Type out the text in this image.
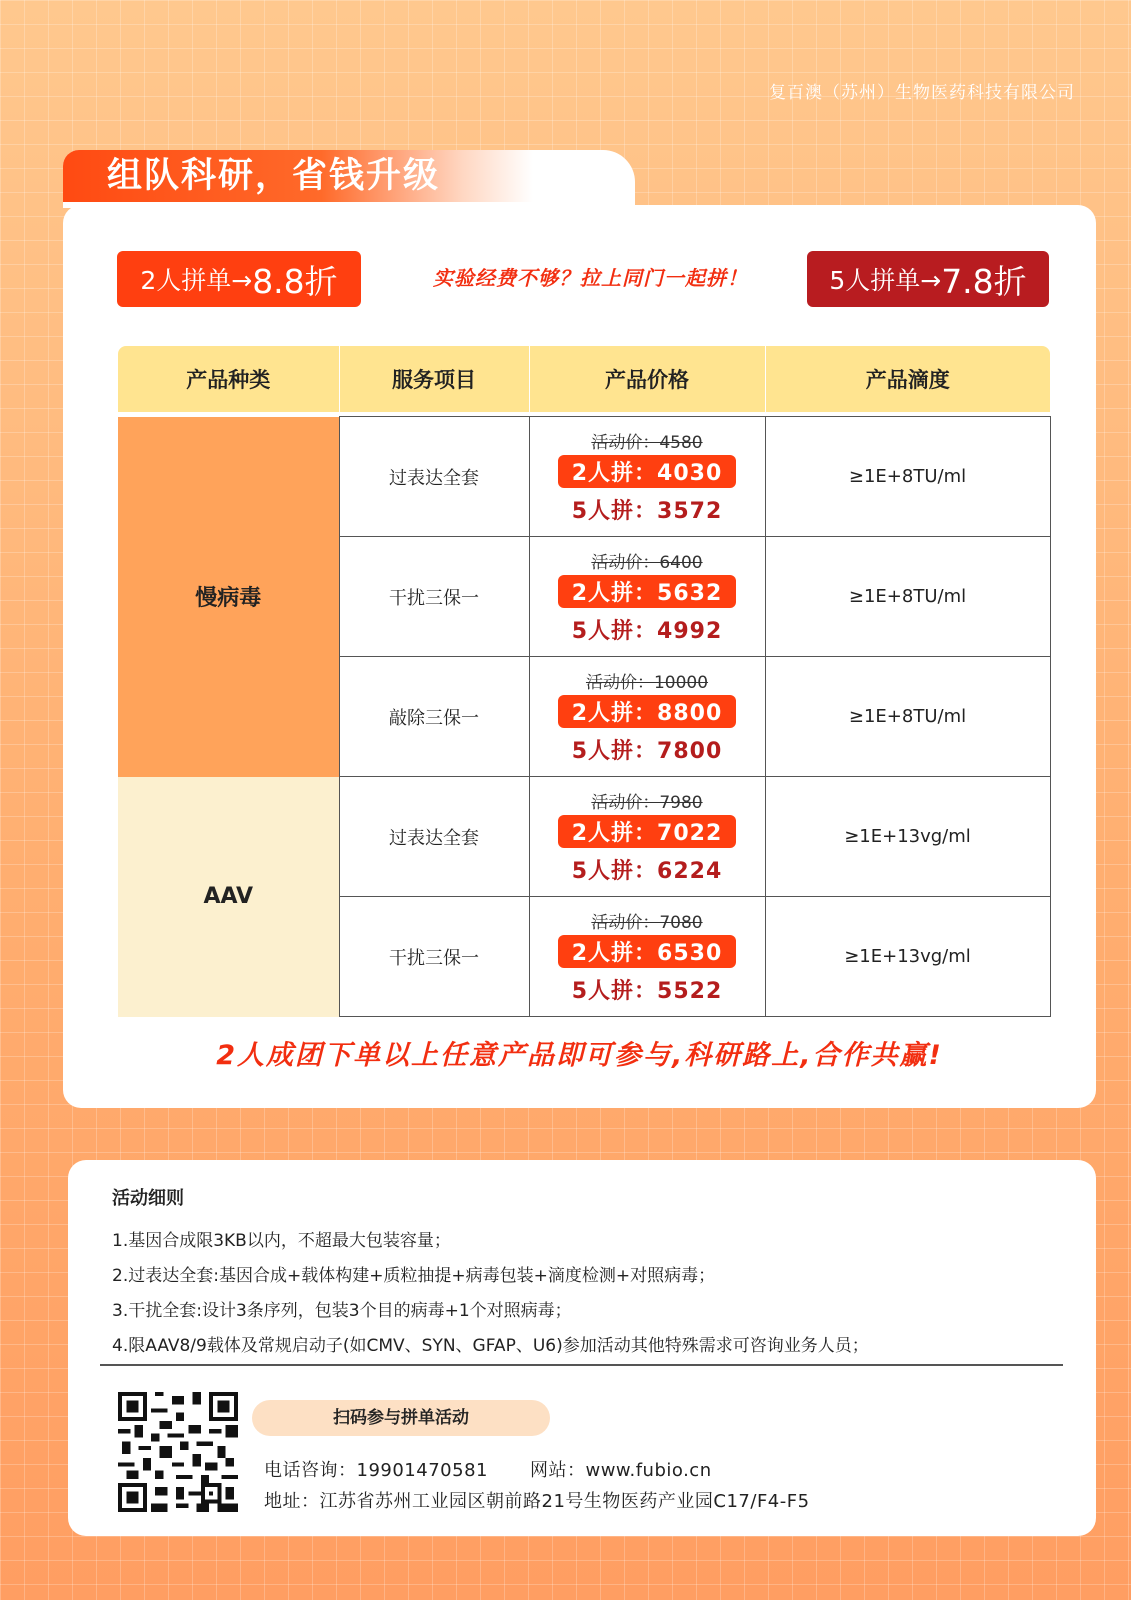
复百澳（苏州）生物医药科技有限公司
2人拼单→ 8.8折	实验经费不够？拉上同门一起拼！	5人拼单→ 7.8折
产品种类	服务项目	产品价格	产品滴度

慢病毒	过表达全套	活动价：4580
2人拼：4030
5人拼：3572	≥1E+8TU/ml
	干扰三保一	活动价：6400
2人拼：5632
5人拼：4992	≥1E+8TU/ml
	敲除三保一	活动价：10000
2人拼：8800
5人拼：7800	≥1E+8TU/ml
AAV	过表达全套	活动价：7980
2人拼：7022
5人拼：6224	≥1E+13vg/ml
	干扰三保一	活动价：7080
2人拼：6530
5人拼：5522	≥1E+13vg/ml
2人成团下单以上任意产品即可参与,科研路上,合作共赢!
组队科研，省钱升级
活动细则
1.基因合成限3KB以内，不超最大包装容量；
2.过表达全套:基因合成+载体构建+质粒抽提+病毒包装+滴度检测+对照病毒；
3.干扰全套:设计3条序列，包装3个目的病毒+1个对照病毒；
4.限AAV8/9载体及常规启动子(如CMV、SYN、GFAP、U6)参加活动其他特殊需求可咨询业务人员；
扫码参与拼单活动
电话咨询：19901470581 网站：www.fubio.cn
地址：江苏省苏州工业园区朝前路21号生物医药产业园C17/F4-F5
